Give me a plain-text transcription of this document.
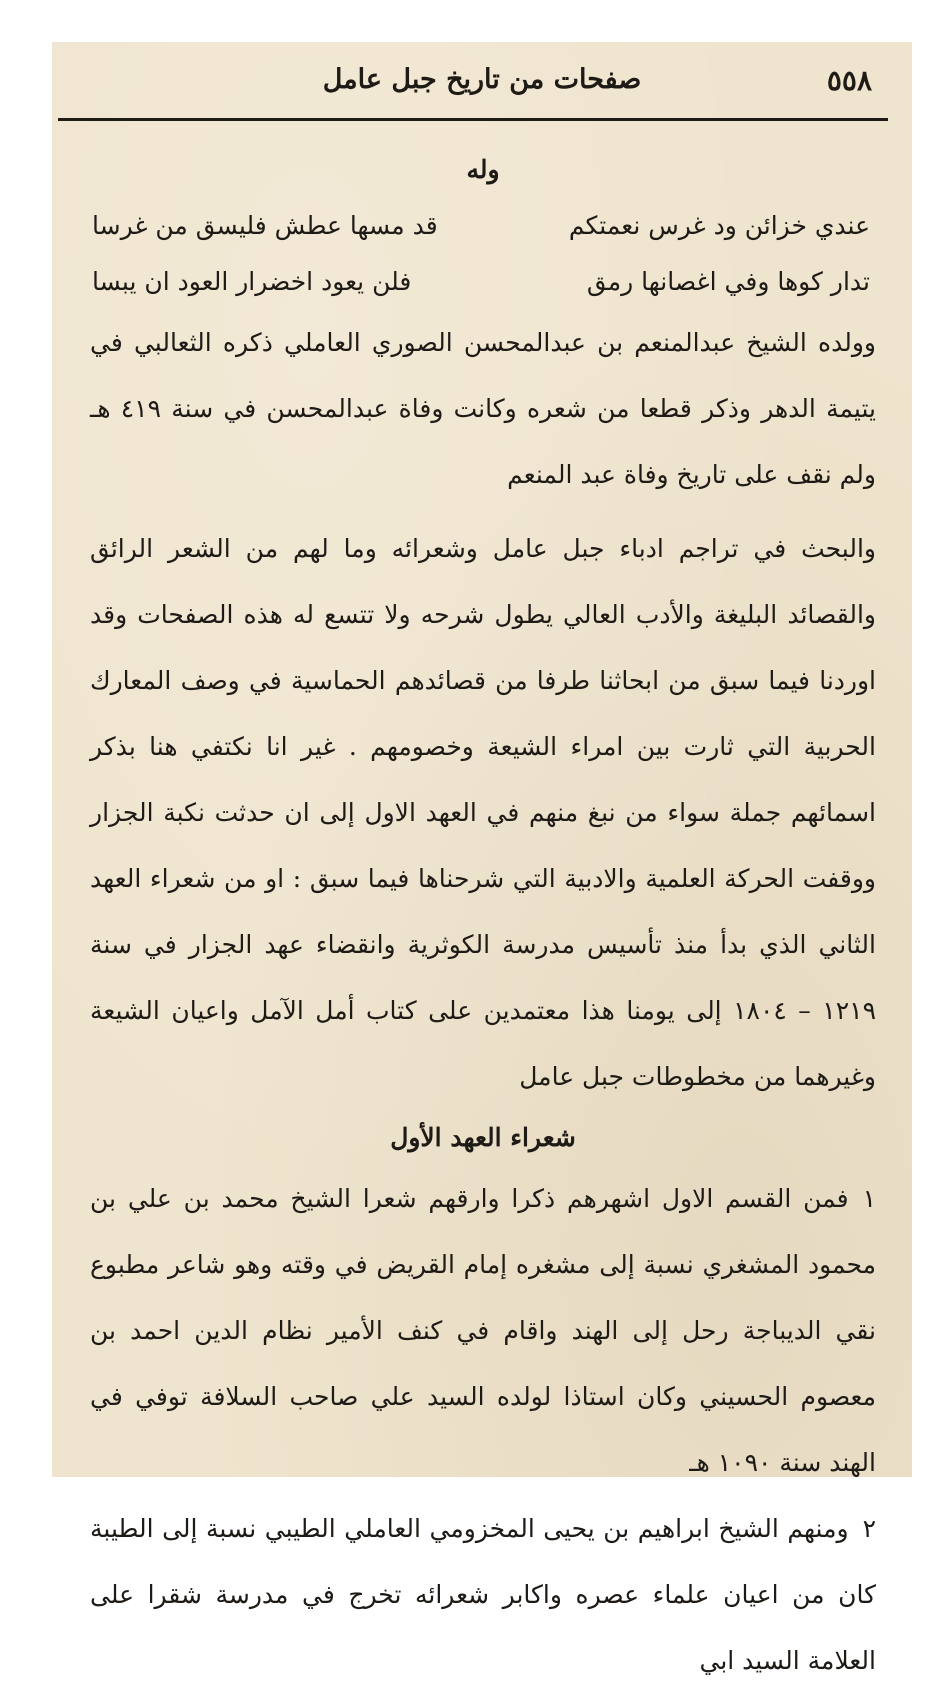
٥٥٨
صفحات من تاريخ جبل عامل
وله
عندي خزائن ود غرس نعمتكم
قد مسها عطش فليسق من غرسا
تدار كوها وفي اغصانها رمق
فلن يعود اخضرار العود ان يبسا

وولده الشيخ عبدالمنعم بن عبدالمحسن الصوري العاملي ذكره الثعالبي في يتيمة الدهر وذكر قطعا من شعره وكانت وفاة عبدالمحسن في سنة ٤١٩ هـ ولم نقف على تاريخ وفاة عبد المنعم

والبحث في تراجم ادباء جبل عامل وشعرائه وما لهم من الشعر الرائق والقصائد البليغة والأدب العالي يطول شرحه ولا تتسع له هذه الصفحات وقد اوردنا فيما سبق من ابحاثنا طرفا من قصائدهم الحماسية في وصف المعارك الحربية التي ثارت بين امراء الشيعة وخصومهم . غير انا نكتفي هنا بذكر اسمائهم جملة سواء من نبغ منهم في العهد الاول إلى ان حدثت نكبة الجزار ووقفت الحركة العلمية والادبية التي شرحناها فيما سبق : او من شعراء العهد الثاني الذي بدأ منذ تأسيس مدرسة الكوثرية وانقضاء عهد الجزار في سنة ١٢١٩ – ١٨٠٤ إلى يومنا هذا معتمدين على كتاب أمل الآمل واعيان الشيعة وغيرهما من مخطوطات جبل عامل

شعراء العهد الأول

١فمن القسم الاول اشهرهم ذكرا وارقهم شعرا الشيخ محمد بن علي بن محمود المشغري نسبة إلى مشغره إمام القريض في وقته وهو شاعر مطبوع نقي الديباجة رحل إلى الهند واقام في كنف الأمير نظام الدين احمد بن معصوم الحسيني وكان استاذا لولده السيد علي صاحب السلافة توفي في الهند سنة ١٠٩٠ هـ

٢ومنهم الشيخ ابراهيم بن يحيى المخزومي العاملي الطيبي نسبة إلى الطيبة كان من اعيان علماء عصره واكابر شعرائه تخرج في مدرسة شقرا على العلامة السيد ابي
